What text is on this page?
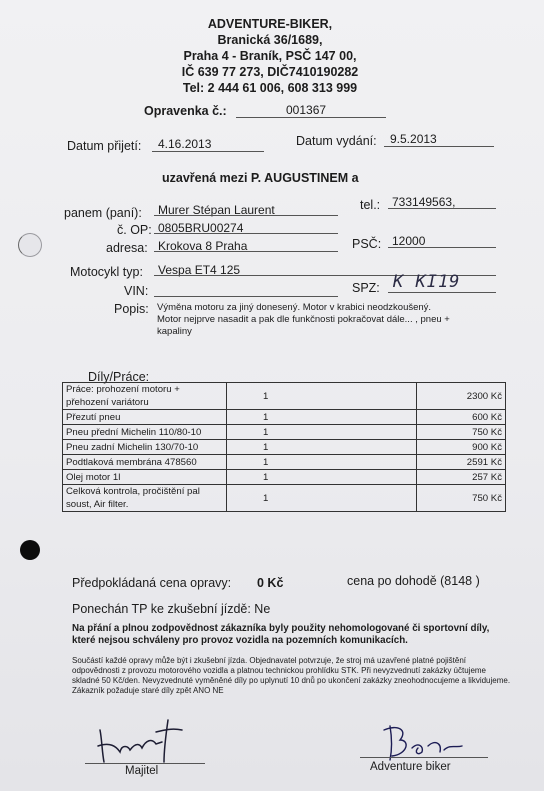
ADVENTURE-BIKER,
Branická 36/1689,
Praha 4 - Braník, PSČ 147 00,
IČ 639 77 273, DIČ7410190282
Tel: 2 444 61 006, 608 313 999
Opravenka č.:	001367
Datum přijetí: 4.16.2013	Datum vydání: 9.5.2013
uzavřená mezi P. AUGUSTINEM a
panem (paní): Murer Stépan Laurent	tel.: 733149563,
č. OP: 0805BRU00274
adresa: Krokova 8 Praha	PSČ: 12000
Motocykl typ: Vespa ET4 125
VIN:	SPZ: K KI19
Popis: Výměna motoru za jiný donesený. Motor v krabici neodzkoušený.
Motor nejprve nasadit a pak dle funkčnosti pokračovat dále... , pneu +
kapaliny
Díly/Práce:
Práce: prohození motoru + přehození variátoru	1	2300 Kč
Přezutí pneu	1	600 Kč
Pneu přední Michelin 110/80-10	1	750 Kč
Pneu zadní Michelin 130/70-10	1	900 Kč
Podtlaková membrána 478560	1	2591 Kč
Olej motor 1l	1	257 Kč
Celková kontrola, pročištění pal soust, Air filter.	1	750 Kč
Předpokládaná cena opravy: 0 Kč	cena po dohodě (8148 )
Ponechán TP ke zkušební jízdě: Ne
Na přání a plnou zodpovědnost zákazníka byly použity nehomologované či sportovní díly,
které nejsou schváleny pro provoz vozidla na pozemních komunikacích.
Součástí každé opravy může být i zkušební jízda. Objednavatel potvrzuje, že stroj má uzavřené platné pojištění
odpovědnosti z provozu motorového vozidla a platnou technickou prohlídku STK. Při nevyzvednutí zakázky účtujeme
skladné 50 Kč/den. Nevyzvednuté vyměněné díly po uplynutí 10 dnů po ukončení zakázky zneohodnocujeme a likvidujeme.
Zákazník požaduje staré díly zpět ANO NE
Majitel	Adventure biker
